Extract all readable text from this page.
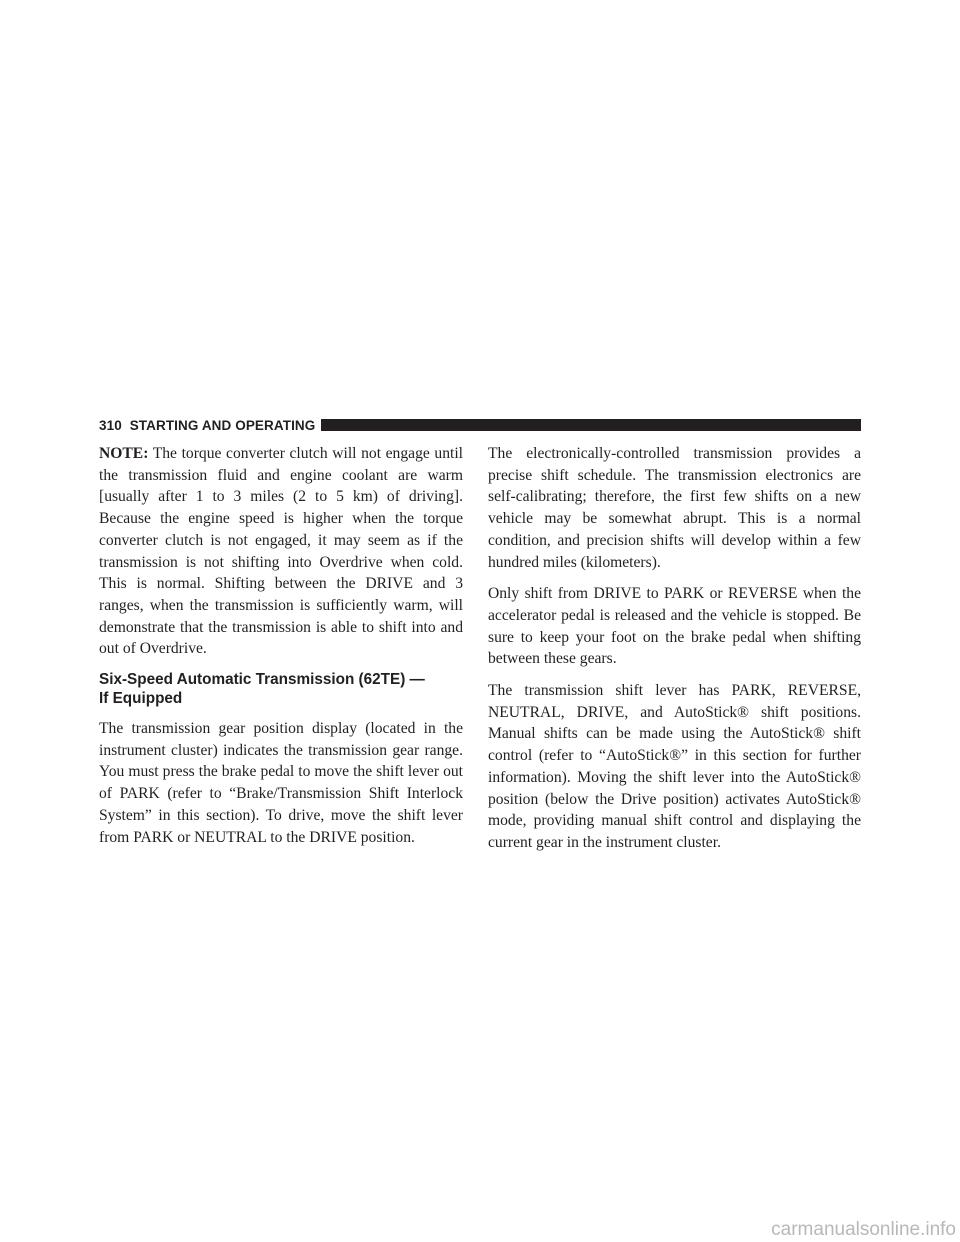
310 STARTING AND OPERATING

NOTE: The torque converter clutch will not engage until the transmission fluid and engine coolant are warm [usually after 1 to 3 miles (2 to 5 km) of driving]. Because the engine speed is higher when the torque converter clutch is not engaged, it may seem as if the transmission is not shifting into Overdrive when cold. This is normal. Shifting between the DRIVE and 3 ranges, when the transmission is sufficiently warm, will demonstrate that the transmission is able to shift into and out of Overdrive.

Six-Speed Automatic Transmission (62TE) —
If Equipped

The transmission gear position display (located in the instrument cluster) indicates the transmission gear range. You must press the brake pedal to move the shift lever out of PARK (refer to “Brake/Transmission Shift Interlock System” in this section). To drive, move the shift lever from PARK or NEUTRAL to the DRIVE position.

The electronically-controlled transmission provides a precise shift schedule. The transmission electronics are self-calibrating; therefore, the first few shifts on a new vehicle may be somewhat abrupt. This is a normal condition, and precision shifts will develop within a few hundred miles (kilometers).

Only shift from DRIVE to PARK or REVERSE when the accelerator pedal is released and the vehicle is stopped. Be sure to keep your foot on the brake pedal when shifting between these gears.

The transmission shift lever has PARK, REVERSE, NEUTRAL, DRIVE, and AutoStick® shift positions. Manual shifts can be made using the AutoStick® shift control (refer to “AutoStick®” in this section for further information). Moving the shift lever into the AutoStick® position (below the Drive position) activates AutoStick® mode, providing manual shift control and displaying the current gear in the instrument cluster.

carmanualsonline.info
